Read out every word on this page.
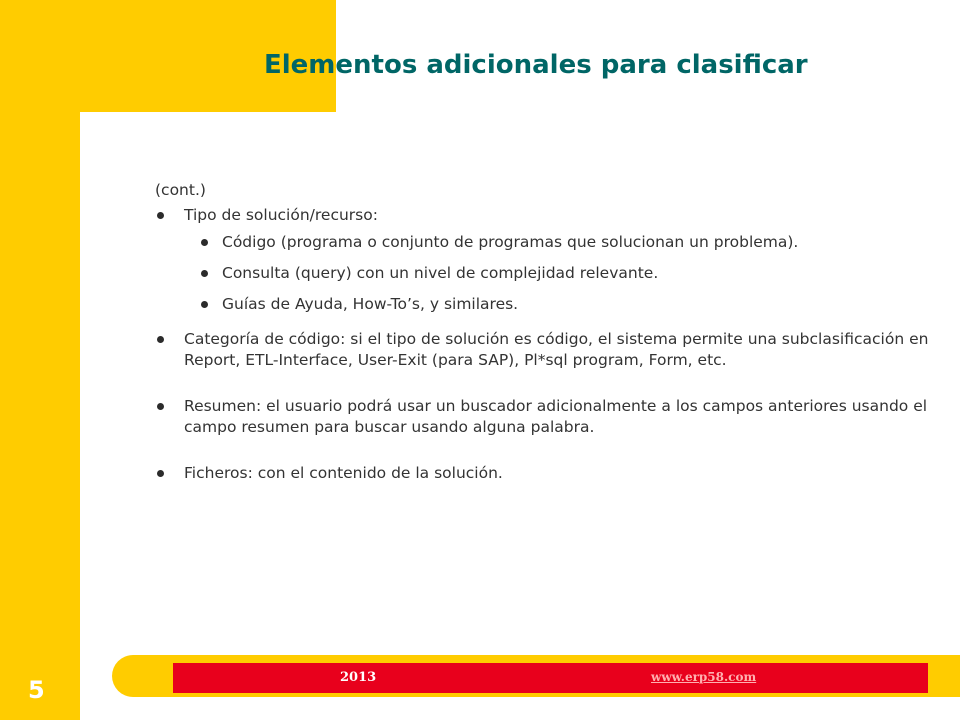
Elementos adicionales para clasificar

(cont.)

Tipo de solución/recurso:
Código (programa o conjunto de programas que solucionan un problema).
Consulta (query) con un nivel de complejidad relevante.
Guías de Ayuda, How-To’s, y similares.
Categoría de código: si el tipo de solución es código, el sistema permite una subclasificación en Report, ETL-Interface, User-Exit (para SAP), Pl*sql program, Form, etc.
Resumen: el usuario podrá usar un buscador adicionalmente a los campos anteriores usando el campo resumen para buscar usando alguna palabra.
Ficheros: con el contenido de la solución.
2013	www.erp58.com
5
